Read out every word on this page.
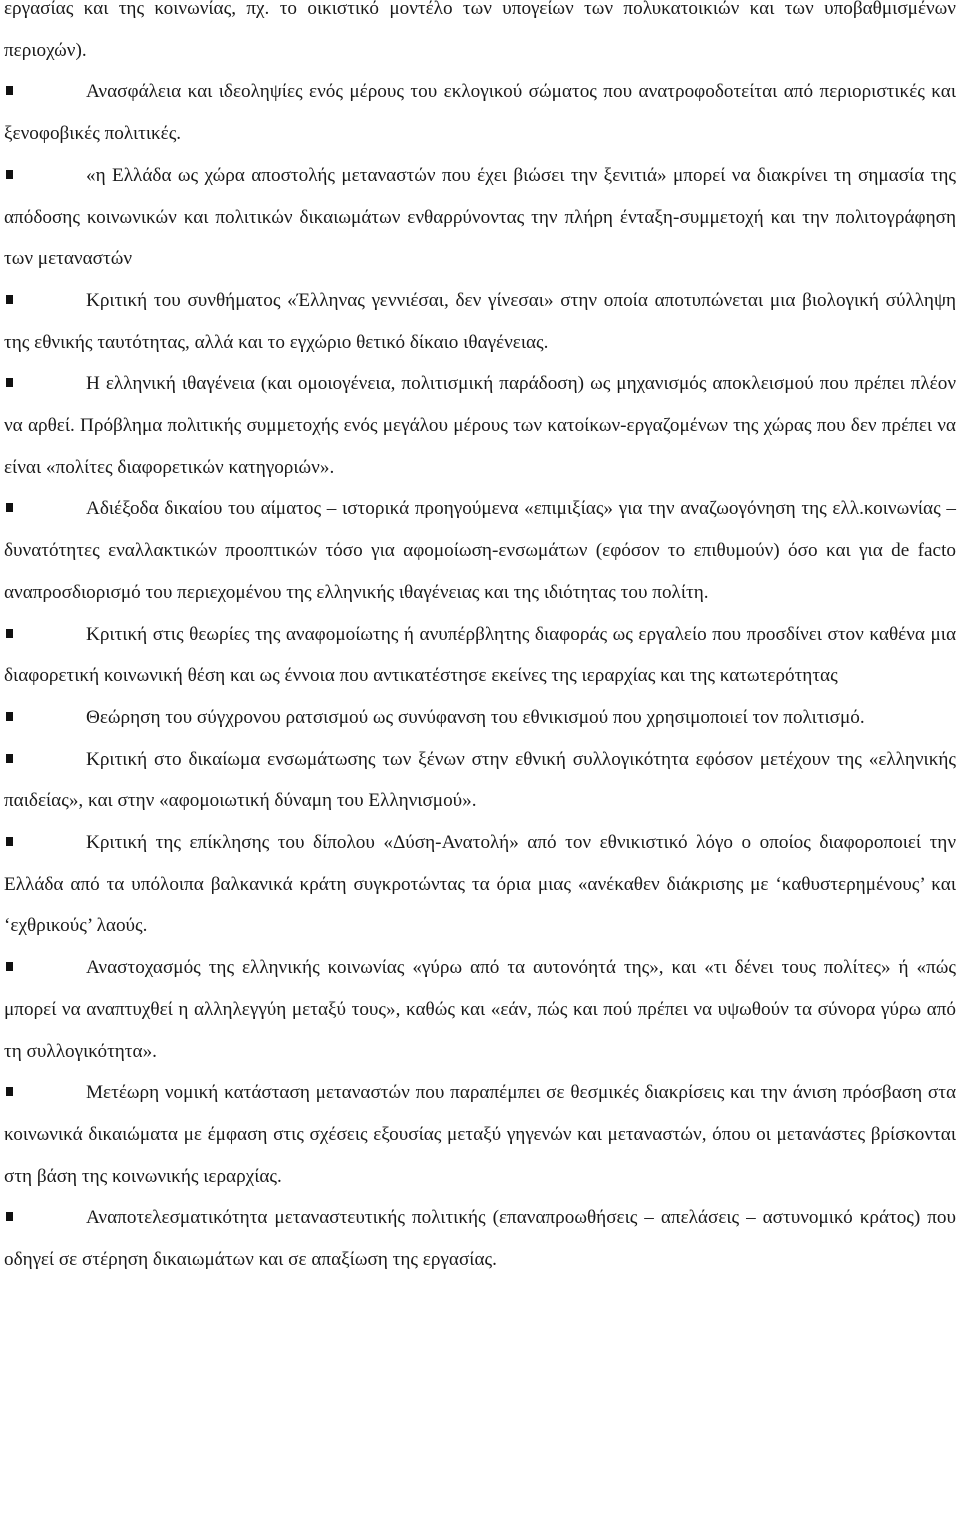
εργασίας και της κοινωνίας, πχ. το οικιστικό μοντέλο των υπογείων των πολυκατοικιών και των υποβαθμισμένων περιοχών).

Ανασφάλεια και ιδεοληψίες ενός μέρους του εκλογικού σώματος που ανατροφοδοτείται από περιοριστικές και ξενοφοβικές πολιτικές.

«η Ελλάδα ως χώρα αποστολής μεταναστών που έχει βιώσει την ξενιτιά» μπορεί να διακρίνει τη σημασία της απόδοσης κοινωνικών και πολιτικών δικαιωμάτων ενθαρρύνοντας την πλήρη ένταξη-συμμετοχή και την πολιτογράφηση των μεταναστών

Κριτική του συνθήματος «Έλληνας γεννιέσαι, δεν γίνεσαι» στην οποία αποτυπώνεται μια βιολογική σύλληψη της εθνικής ταυτότητας, αλλά και το εγχώριο θετικό δίκαιο ιθαγένειας.

Η ελληνική ιθαγένεια (και ομοιογένεια, πολιτισμική παράδοση) ως μηχανισμός αποκλεισμού που πρέπει πλέον να αρθεί. Πρόβλημα πολιτικής συμμετοχής ενός μεγάλου μέρους των κατοίκων-εργαζομένων της χώρας που δεν πρέπει να είναι «πολίτες διαφορετικών κατηγοριών».

Αδιέξοδα δικαίου του αίματος – ιστορικά προηγούμενα «επιμιξίας» για την αναζωογόνηση της ελλ.κοινωνίας – δυνατότητες εναλλακτικών προοπτικών τόσο για αφομοίωση-ενσωμάτων (εφόσον το επιθυμούν) όσο και για de facto αναπροσδιορισμό του περιεχομένου της ελληνικής ιθαγένειας και της ιδιότητας του πολίτη.

Κριτική στις θεωρίες της αναφομοίωτης ή ανυπέρβλητης διαφοράς ως εργαλείο που προσδίνει στον καθένα μια διαφορετική κοινωνική θέση και ως έννοια που αντικατέστησε εκείνες της ιεραρχίας και της κατωτερότητας

Θεώρηση του σύγχρονου ρατσισμού ως συνύφανση του εθνικισμού που χρησιμοποιεί τον πολιτισμό.

Κριτική στο δικαίωμα ενσωμάτωσης των ξένων στην εθνική συλλογικότητα εφόσον μετέχουν της «ελληνικής παιδείας», και στην «αφομοιωτική δύναμη του Ελληνισμού».

Κριτική της επίκλησης του δίπολου «Δύση-Ανατολή» από τον εθνικιστικό λόγο ο οποίος διαφοροποιεί την Ελλάδα από τα υπόλοιπα βαλκανικά κράτη συγκροτώντας τα όρια μιας «ανέκαθεν διάκρισης με ‘καθυστερημένους’ και ‘εχθρικούς’ λαούς.

Αναστοχασμός της ελληνικής κοινωνίας «γύρω από τα αυτονόητά της», και «τι δένει τους πολίτες» ή «πώς μπορεί να αναπτυχθεί η αλληλεγγύη μεταξύ τους», καθώς και «εάν, πώς και πού πρέπει να υψωθούν τα σύνορα γύρω από τη συλλογικότητα».

Μετέωρη νομική κατάσταση μεταναστών που παραπέμπει σε θεσμικές διακρίσεις και την άνιση πρόσβαση στα κοινωνικά δικαιώματα με έμφαση στις σχέσεις εξουσίας μεταξύ γηγενών και μεταναστών, όπου οι μετανάστες βρίσκονται στη βάση της κοινωνικής ιεραρχίας.

Αναποτελεσματικότητα μεταναστευτικής πολιτικής (επαναπροωθήσεις – απελάσεις – αστυνομικό κράτος) που οδηγεί σε στέρηση δικαιωμάτων και σε απαξίωση της εργασίας.
